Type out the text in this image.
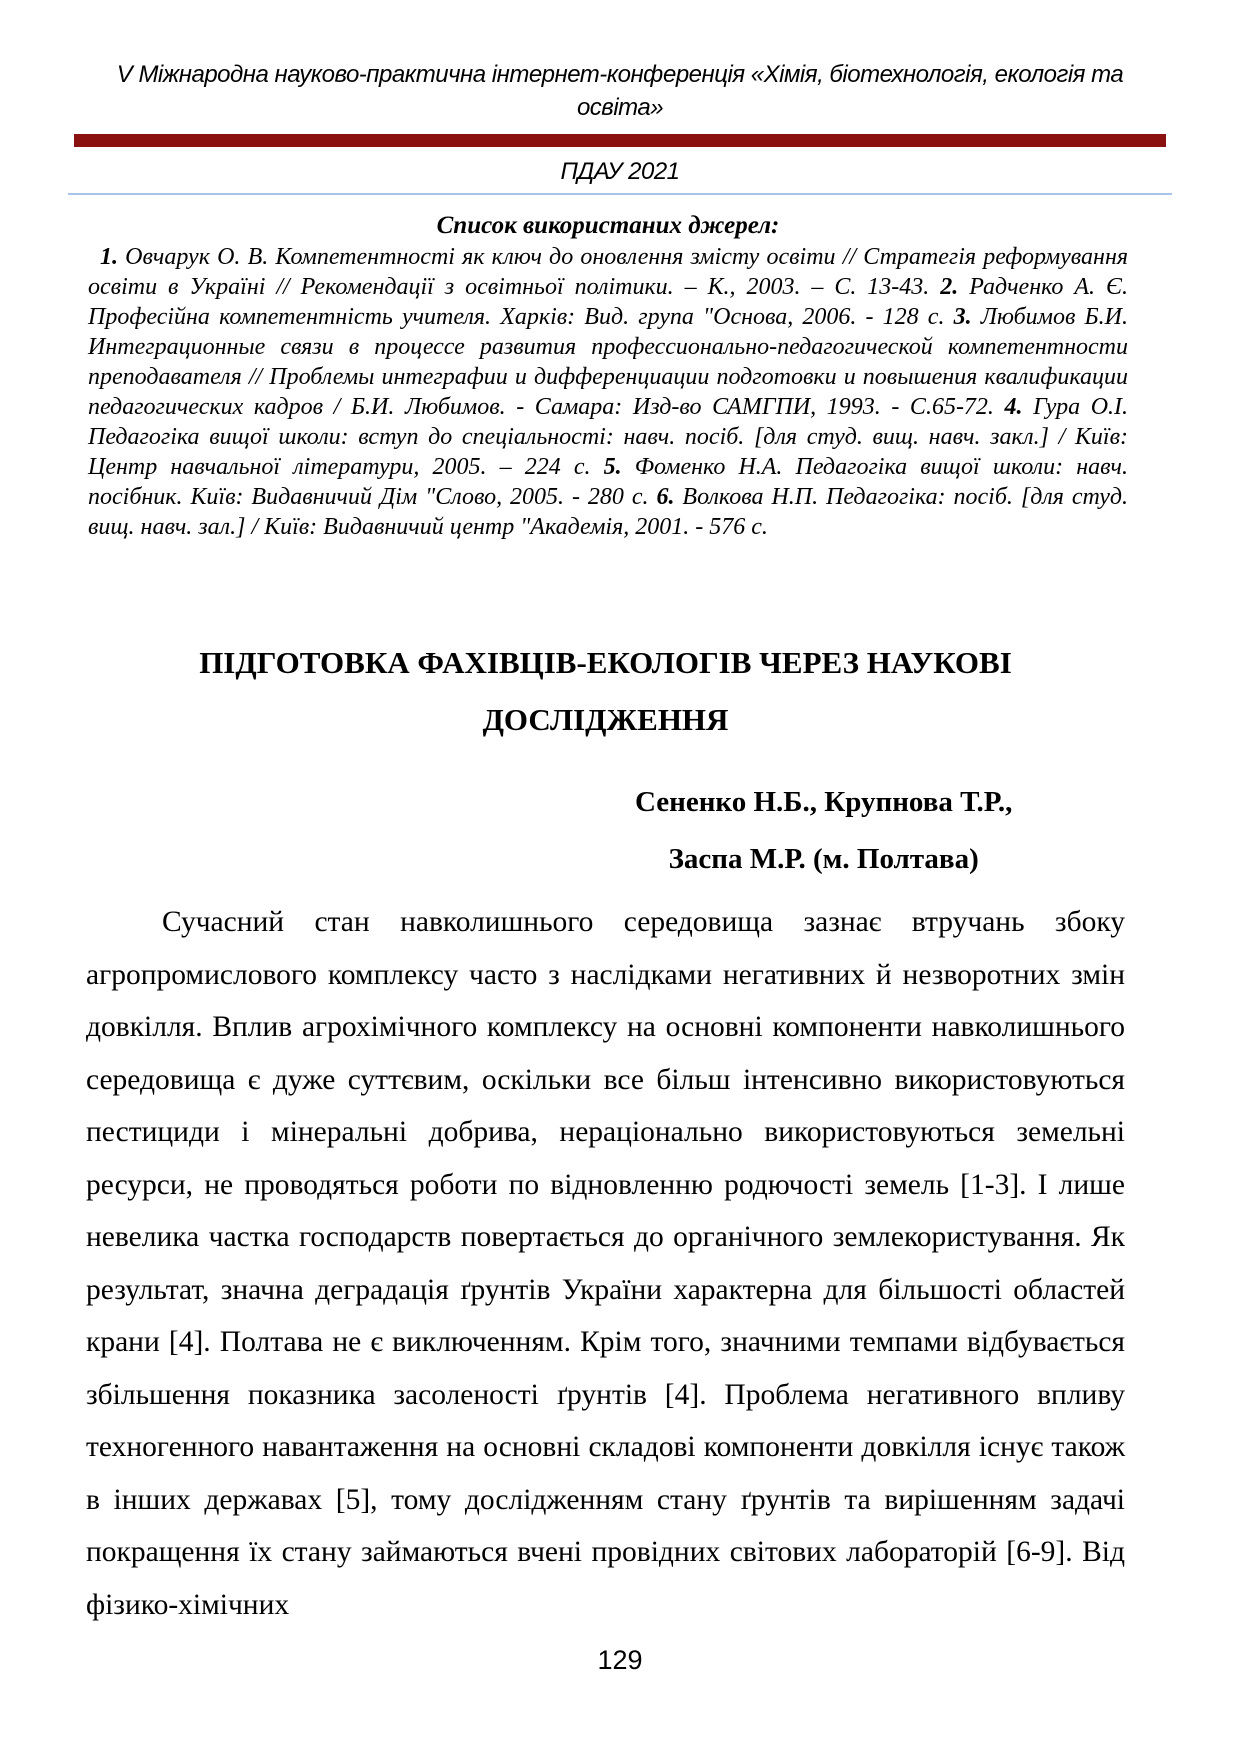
V Міжнародна науково-практична інтернет-конференція «Хімія, біотехнологія, екологія та освіта»
ПДАУ 2021
Список використаних джерел:

1. Овчарук О. В. Компетентності як ключ до оновлення змісту освіти // Стратегія реформування освіти в Україні // Рекомендації з освітньої політики. – К., 2003. – С. 13-43. 2. Радченко А. Є. Професійна компетентність учителя. Харків: Вид. група "Основа, 2006. - 128 с. 3. Любимов Б.И. Интеграционные связи в процессе развития профессионально-педагогической компетентности преподавателя // Проблемы интеграфии и дифференциации подготовки и повышения квалификации педагогических кадров / Б.И. Любимов. - Самара: Изд-во САМГПИ, 1993. - С.65-72. 4. Гура О.І. Педагогіка вищої школи: вступ до спеціальності: навч. посіб. [для студ. вищ. навч. закл.] / Київ: Центр навчальної літератури, 2005. – 224 с. 5. Фоменко Н.А. Педагогіка вищої школи: навч. посібник. Київ: Видавничий Дім "Слово, 2005. - 280 с. 6. Волкова Н.П. Педагогіка: посіб. [для студ. вищ. навч. зал.] / Київ: Видавничий центр "Академія, 2001. - 576 с.

ПІДГОТОВКА ФАХІВЦІВ-ЕКОЛОГІВ ЧЕРЕЗ НАУКОВІ
ДОСЛІДЖЕННЯ
Сененко Н.Б., Крупнова Т.Р.,
Заспа М.Р. (м. Полтава)

Сучасний стан навколишнього середовища зазнає втручань збоку агропромислового комплексу часто з наслідками негативних й незворотних змін довкілля. Вплив агрохімічного комплексу на основні компоненти навколишнього середовища є дуже суттєвим, оскільки все більш інтенсивно використовуються пестициди і мінеральні добрива, нераціонально використовуються земельні ресурси, не проводяться роботи по відновленню родючості земель [1-3]. І лише невелика частка господарств повертається до органічного землекористування. Як результат, значна деградація ґрунтів України характерна для більшості областей крани [4]. Полтава не є виключенням. Крім того, значними темпами відбувається збільшення показника засоленості ґрунтів [4]. Проблема негативного впливу техногенного навантаження на основні складові компоненти довкілля існує також в інших державах [5], тому дослідженням стану ґрунтів та вирішенням задачі покращення їх стану займаються вчені провідних світових лабораторій [6-9]. Від фізико-хімічних

129
